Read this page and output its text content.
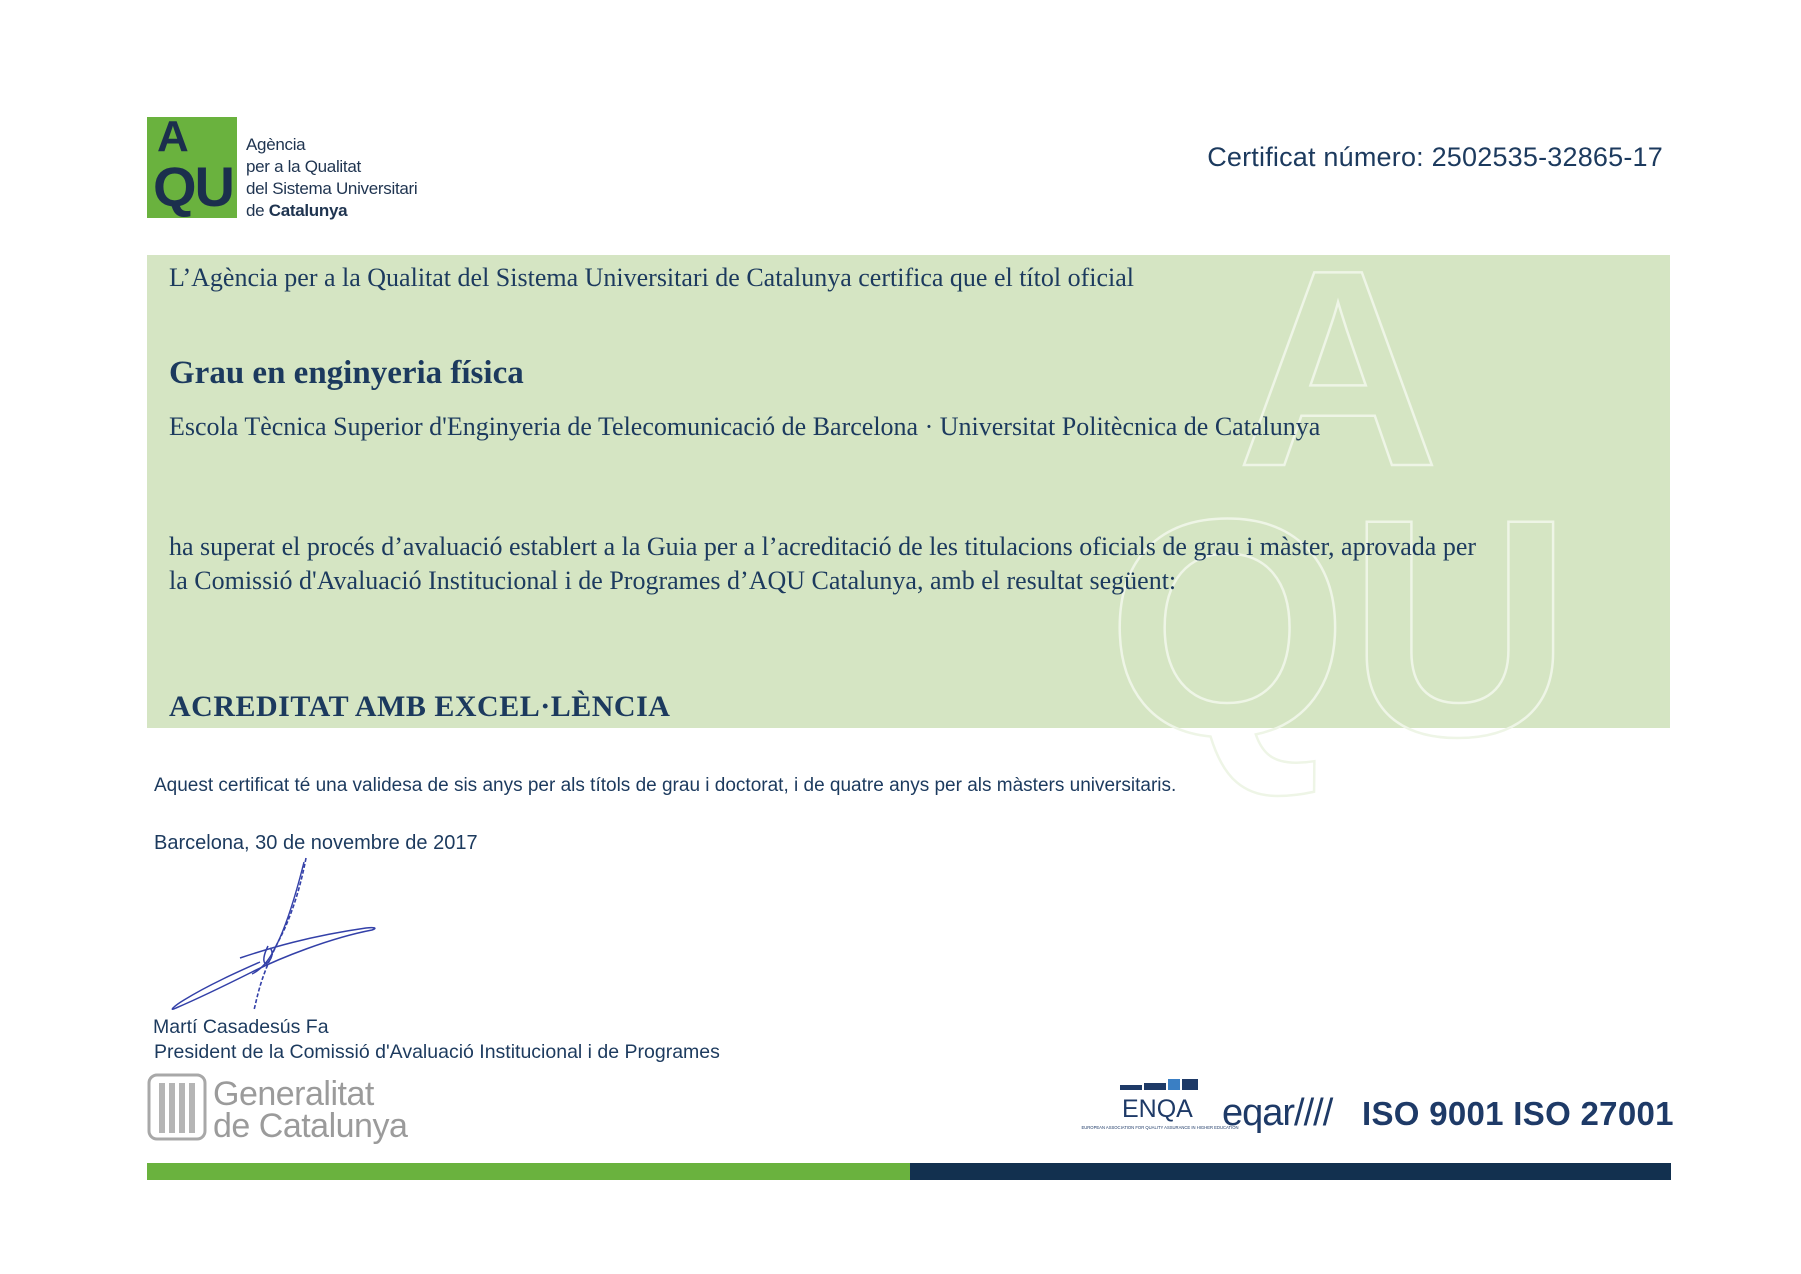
A
QU
Agència
per a la Qualitat
del Sistema Universitari
de Catalunya
Certificat número: 2502535-32865-17
A
QU
L’Agència per a la Qualitat del Sistema Universitari de Catalunya certifica que el títol oficial
Grau en enginyeria física
Escola Tècnica Superior d'Enginyeria de Telecomunicació de Barcelona · Universitat Politècnica de Catalunya
ha superat el procés d’avaluació establert a la Guia per a l’acreditació de les titulacions oficials de grau i màster, aprovada per la Comissió d'Avaluació Institucional i de Programes d’AQU Catalunya, amb el resultat següent:
ACREDITAT AMB EXCEL·LÈNCIA
Aquest certificat té una validesa de sis anys per als títols de grau i doctorat, i de quatre anys per als màsters universitaris.
Barcelona, 30 de novembre de 2017
Martí Casadesús Fa
President de la Comissió d'Avaluació Institucional i de Programes
Generalitat
de Catalunya	ENQA
EUROPEAN ASSOCIATION FOR QUALITY ASSURANCE IN HIGHER EDUCATION
eqar//// ISO 9001 ISO 27001
